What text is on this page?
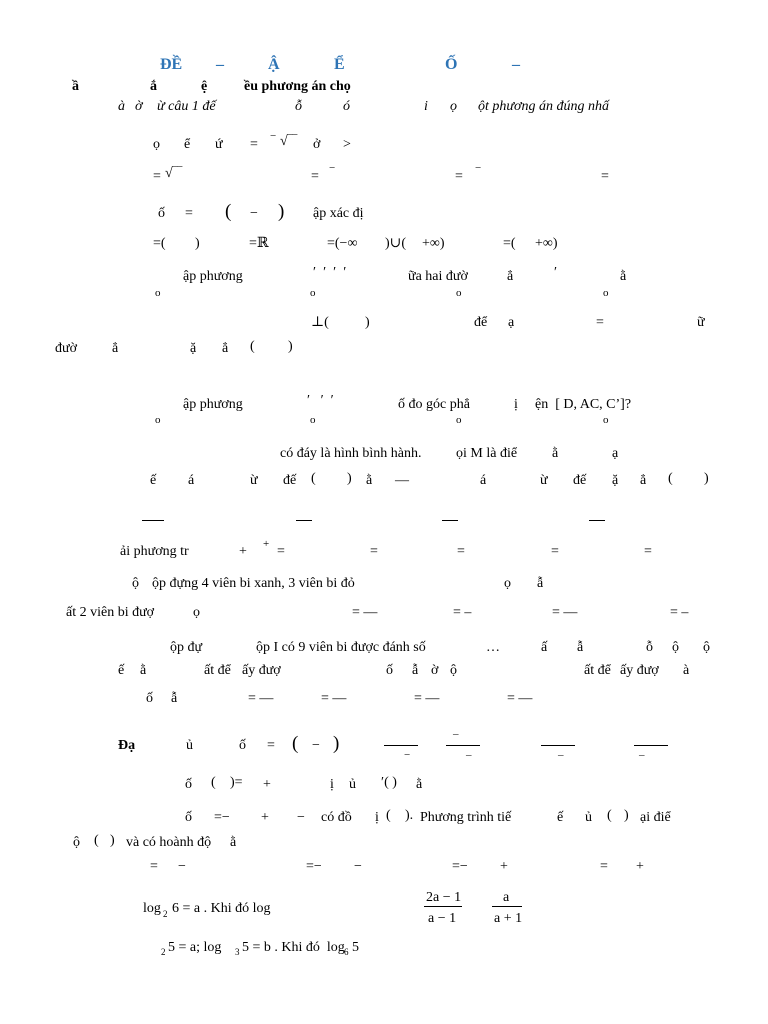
ĐỀ –	Ậ	Ể	Ố	–
ầ	ắ	ệ	ều phương án chọ
à ờ ừ câu 1 đế	ỗ	ó	i ọ ột phương án đúng nhấ
ọ ể ứ =
− √‾‾ ở >
= √‾‾	=
−
=
−
=
ố = ( − ) ập xác đị
=( )	=ℝ	=(−∞ )∪( +∞)	=( +∞)
ập phương	′  ′  ′  ′	ữa hai đườ	ẳ	′	ằ
o	o	o	o
⊥(	)	để ạ	=	ữ
đườ	ẳ	ặ ẳ ( )
ập phương	′   ′  ′	ố đo góc phẳ	ị ện  [ D, AC, C’]?
o	o	o	o
có đáy là hình bình hành. ọi M là điể ằ	ạ
ế á	ừ đế ( ) ằ —	á	ừ đế ặ ẳ ( )
ải phương tr	+ + =	=	=	=	=
ộ ộp đựng 4 viên bi xanh, 3 viên bi đỏ	ọ ẫ
ất 2 viên bi đượ	ọ	= —	= –	= —	= –
ộp đự	ộp I có 9 viên bi được đánh số	…	ấ ẫ	ỗ ộ ộ
ế ằ	ất để ấy đượ	ố ẫ ờ ộ	ất để ấy đượ à
ố ẫ	= —	= —	= —	= —
Đạ	ủ	ố = ( − )
−
–
–	–	–
ố ( )= +	ị ủ ′( ) ằ
ố =− + − có đồ ị ( ). Phương trình tiế	ế ủ ( ) ại điể
ộ ( ) và có hoành độ ằ
= −	=− −	=− +	= +
log 2 6 = a . Khi đó log
2a − 1
a − 1
a
a + 1
2 5 = a; log 3 5 = b . Khi đó  log 6 5
